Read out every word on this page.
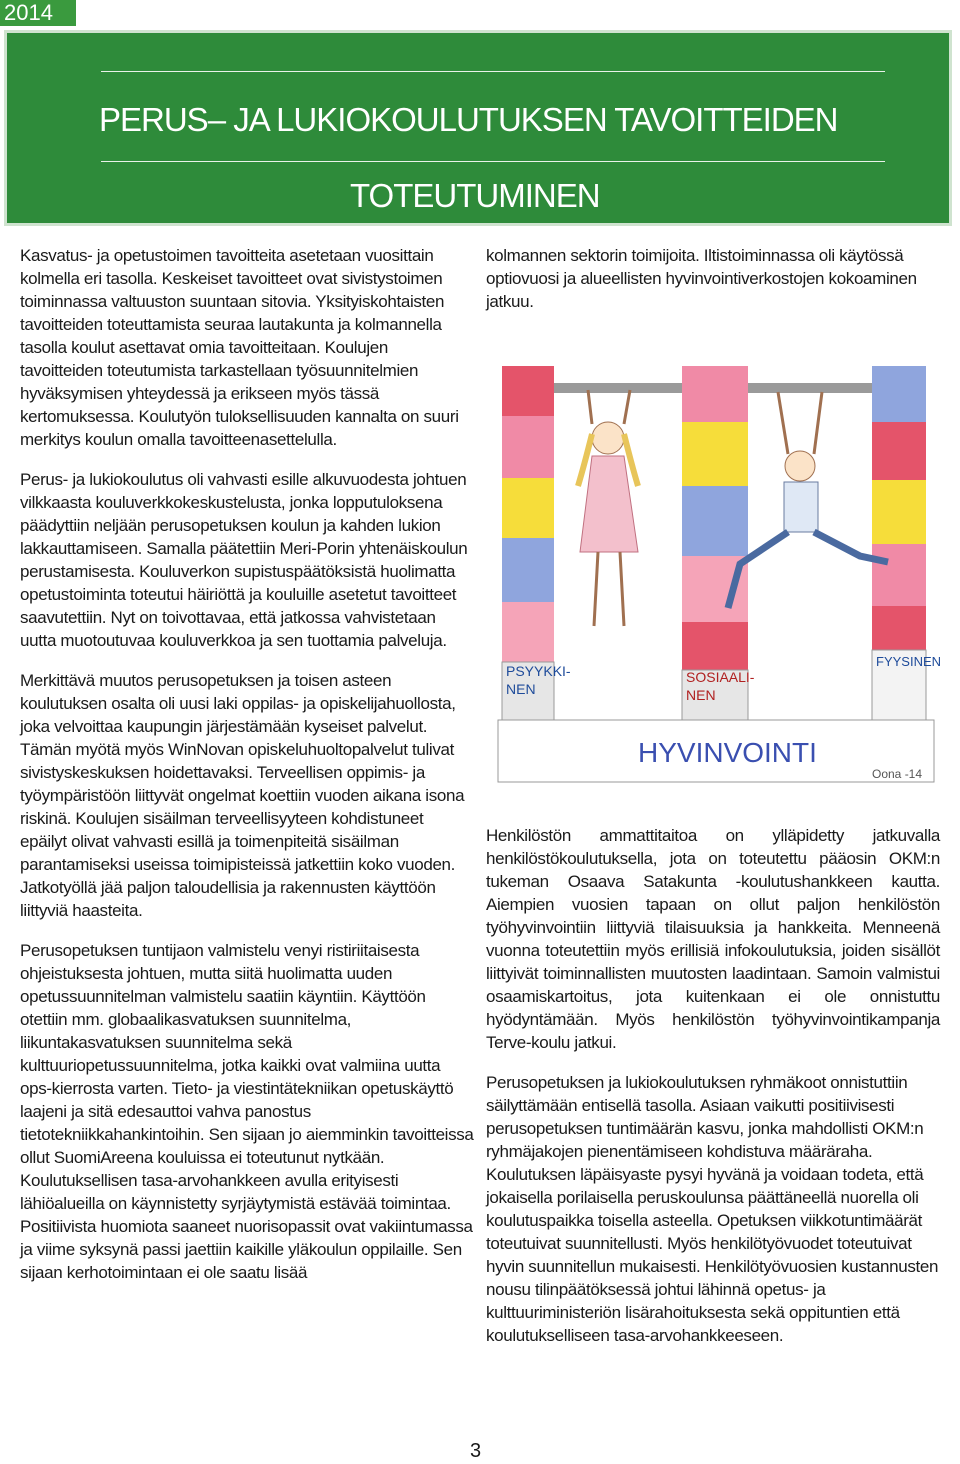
2014
PERUS– JA LUKIOKOULUTUKSEN TAVOITTEIDEN
TOTEUTUMINEN

Kasvatus- ja opetustoimen tavoitteita asetetaan vuosittain kolmella eri tasolla. Keskeiset tavoitteet ovat sivistystoimen toiminnassa valtuuston suuntaan sitovia. Yksityiskohtaisten tavoitteiden toteuttamista seuraa lautakunta ja kolmannella tasolla koulut asettavat omia tavoitteitaan. Koulujen tavoitteiden toteutumista tarkastellaan työsuunnitelmien hyväksymisen yhteydessä ja erikseen myös tässä kertomuksessa. Koulutyön tuloksellisuuden kannalta on suuri merkitys koulun omalla tavoitteenasettelulla.

Perus- ja lukiokoulutus oli vahvasti esille alkuvuodesta johtuen vilkkaasta kouluverkkokeskustelusta, jonka lopputuloksena päädyttiin neljään perusopetuksen koulun ja kahden lukion lakkauttamiseen. Samalla päätettiin Meri-Porin yhtenäiskoulun perustamisesta. Kouluverkon supistuspäätöksistä huolimatta opetustoiminta toteutui häiriöttä ja kouluille asetetut tavoitteet saavutettiin. Nyt on toivottavaa, että jatkossa vahvistetaan uutta muotoutuvaa kouluverkkoa ja sen tuottamia palveluja.

Merkittävä muutos perusopetuksen ja toisen asteen koulutuksen osalta oli uusi laki oppilas- ja opiskelijahuollosta, joka velvoittaa kaupungin järjestämään kyseiset palvelut. Tämän myötä myös WinNovan opiskeluhuoltopalvelut tulivat sivistyskeskuksen hoidettavaksi. Terveellisen oppimis- ja työympäristöön liittyvät ongelmat koettiin vuoden aikana isona riskinä. Koulujen sisäilman terveellisyyteen kohdistuneet epäilyt olivat vahvasti esillä ja toimenpiteitä sisäilman parantamiseksi useissa toimipisteissä jatkettiin koko vuoden. Jatkotyöllä jää paljon taloudellisia ja rakennusten käyttöön liittyviä haasteita.

Perusopetuksen tuntijaon valmistelu venyi ristiriitaisesta ohjeistuksesta johtuen, mutta siitä huolimatta uuden opetussuunnitelman valmistelu saatiin käyntiin. Käyttöön otettiin mm. globaalikasvatuksen suunnitelma, liikuntakasvatuksen suunnitelma sekä kulttuuriopetussuunnitelma, jotka kaikki ovat valmiina uutta ops-kierrosta varten. Tieto- ja viestintätekniikan opetuskäyttö laajeni ja sitä edesauttoi vahva panostus tietotekniikkahankintoihin. Sen sijaan jo aiemminkin tavoitteissa ollut SuomiAreena kouluissa ei toteutunut nytkään. Koulutuksellisen tasa-arvohankkeen avulla erityisesti lähiöalueilla on käynnistetty syrjäytymistä estävää toimintaa. Positiivista huomiota saaneet nuorisopassit ovat vakiintumassa ja viime syksynä passi jaettiin kaikille yläkoulun oppilaille. Sen sijaan kerhotoimintaan ei ole saatu lisää

kolmannen sektorin toimijoita. Iltistoiminnassa oli käytössä optiovuosi ja alueellisten hyvinvointiverkostojen kokoaminen jatkuu.

PSYYKKI-
NEN
SOSIAALI-
NEN
FYYSINEN
HYVINVOINTI
Oona -14

Henkilöstön ammattitaitoa on ylläpidetty jatkuvalla henkilöstökoulutuksella, jota on toteutettu pääosin OKM:n tukeman Osaava Satakunta -koulutushankkeen kautta. Aiempien vuosien tapaan on ollut paljon henkilöstön työhyvinvointiin liittyviä tilaisuuksia ja hankkeita. Menneenä vuonna toteutettiin myös erillisiä infokoulutuksia, joiden sisällöt liittyivät toiminnallisten muutosten laadintaan. Samoin valmistui osaamiskartoitus, jota kuitenkaan ei ole onnistuttu hyödyntämään. Myös henkilöstön työhyvinvointikampanja Terve-koulu jatkui.

Perusopetuksen ja lukiokoulutuksen ryhmäkoot onnistuttiin säilyttämään entisellä tasolla. Asiaan vaikutti positiivisesti perusopetuksen tuntimäärän kasvu, jonka mahdollisti OKM:n ryhmäjakojen pienentämiseen kohdistuva määräraha. Koulutuksen läpäisyaste pysyi hyvänä ja voidaan todeta, että jokaisella porilaisella peruskoulunsa päättäneellä nuorella oli koulutuspaikka toisella asteella. Opetuksen viikkotuntimäärät toteutuivat suunnitellusti. Myös henkilötyövuodet toteutuivat hyvin suunnitellun mukaisesti. Henkilötyövuosien kustannusten nousu tilinpäätöksessä johtui lähinnä opetus- ja kulttuuriministeriön lisärahoituksesta sekä oppituntien että koulutukselliseen tasa-arvohankkeeseen.

3
